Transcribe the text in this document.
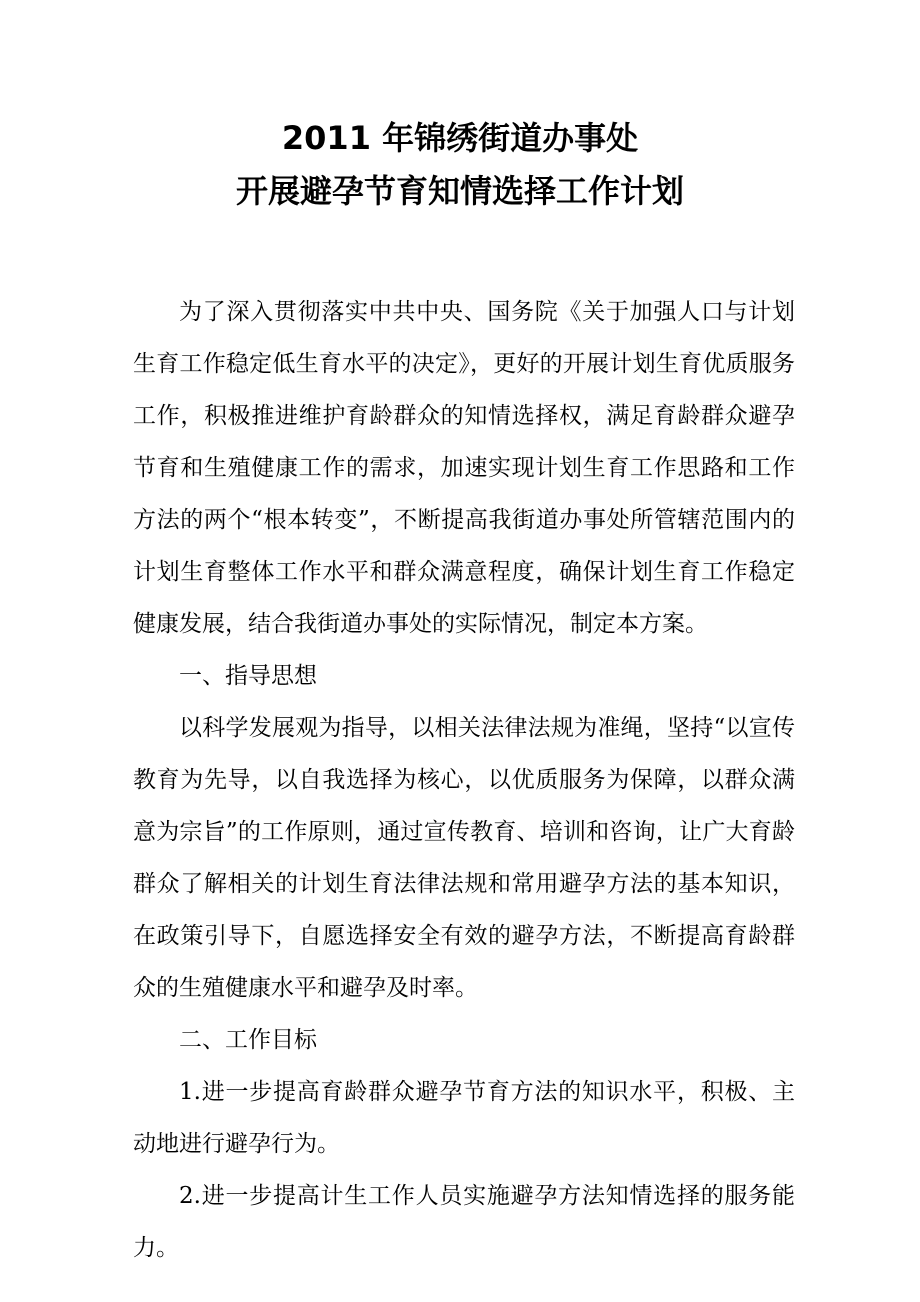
2011 年锦绣街道办事处
开展避孕节育知情选择工作计划

为了深入贯彻落实中共中央、国务院《关于加强人口与计划生育工作稳定低生育水平的决定》，更好的开展计划生育优质服务工作，积极推进维护育龄群众的知情选择权，满足育龄群众避孕节育和生殖健康工作的需求，加速实现计划生育工作思路和工作方法的两个“根本转变”，不断提高我街道办事处所管辖范围内的计划生育整体工作水平和群众满意程度，确保计划生育工作稳定健康发展，结合我街道办事处的实际情况，制定本方案。

一、指导思想

以科学发展观为指导，以相关法律法规为准绳，坚持“以宣传教育为先导，以自我选择为核心，以优质服务为保障，以群众满意为宗旨”的工作原则，通过宣传教育、培训和咨询，让广大育龄群众了解相关的计划生育法律法规和常用避孕方法的基本知识，在政策引导下，自愿选择安全有效的避孕方法，不断提高育龄群众的生殖健康水平和避孕及时率。

二、工作目标

1.进一步提高育龄群众避孕节育方法的知识水平，积极、主动地进行避孕行为。

2.进一步提高计生工作人员实施避孕方法知情选择的服务能力。
